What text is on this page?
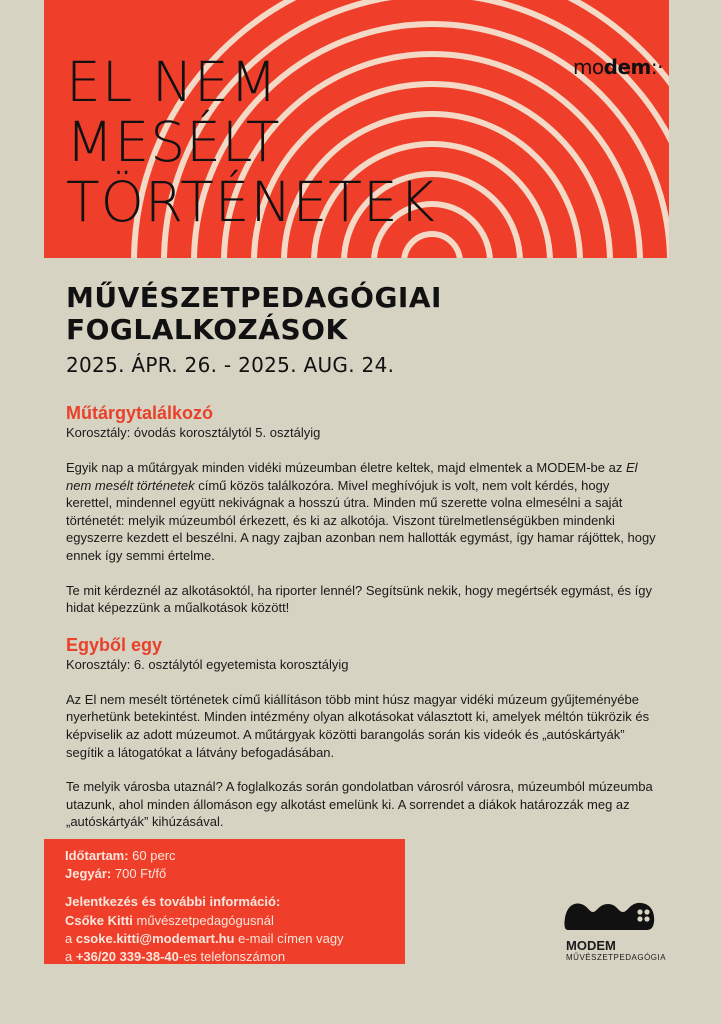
EL NEM
MESÉLT
TÖRTÉNETEK
modem:·
MŰVÉSZETPEDAGÓGIAI
FOGLALKOZÁSOK
2025. ÁPR. 26. - 2025. AUG. 24.
Műtárgytalálkozó

Korosztály: óvodás korosztálytól 5. osztályig

Egyik nap a műtárgyak minden vidéki múzeumban életre keltek, majd elmentek a MODEM-be az El nem mesélt történetek című közös találkozóra. Mivel meghívójuk is volt, nem volt kérdés, hogy kerettel, mindennel együtt nekivágnak a hosszú útra. Minden mű szerette volna elmesélni a saját történetét: melyik múzeumból érkezett, és ki az alkotója. Viszont türelmetlenségükben mindenki egyszerre kezdett el beszélni. A nagy zajban azonban nem hallották egymást, így hamar rájöttek, hogy ennek így semmi értelme.

Te mit kérdeznél az alkotásoktól, ha riporter lennél? Segítsünk nekik, hogy megértsék egymást, és így hidat képezzünk a műalkotások között!

Egyből egy

Korosztály: 6. osztálytól egyetemista korosztályig

Az El nem mesélt történetek című kiállításon több mint húsz magyar vidéki múzeum gyűjteményébe nyerhetünk betekintést. Minden intézmény olyan alkotásokat választott ki, amelyek méltón tükrözik és képviselik az adott múzeumot. A műtárgyak közötti barangolás során kis videók és „autóskártyák” segítik a látogatókat a látvány befogadásában.

Te melyik városba utaznál? A foglalkozás során gondolatban városról városra, múzeumból múzeumba utazunk, ahol minden állomáson egy alkotást emelünk ki. A sorrendet a diákok határozzák meg az „autóskártyák” kihúzásával.

Időtartam: 60 perc
Jegyár: 700 Ft/fő
Jelentkezés és további információ:
Csőke Kitti művészetpedagógusnál
a csoke.kitti@modemart.hu e-mail címen vagy
a +36/20 339-38-40-es telefonszámon
MODEM
MŰVÉSZETPEDAGÓGIA
